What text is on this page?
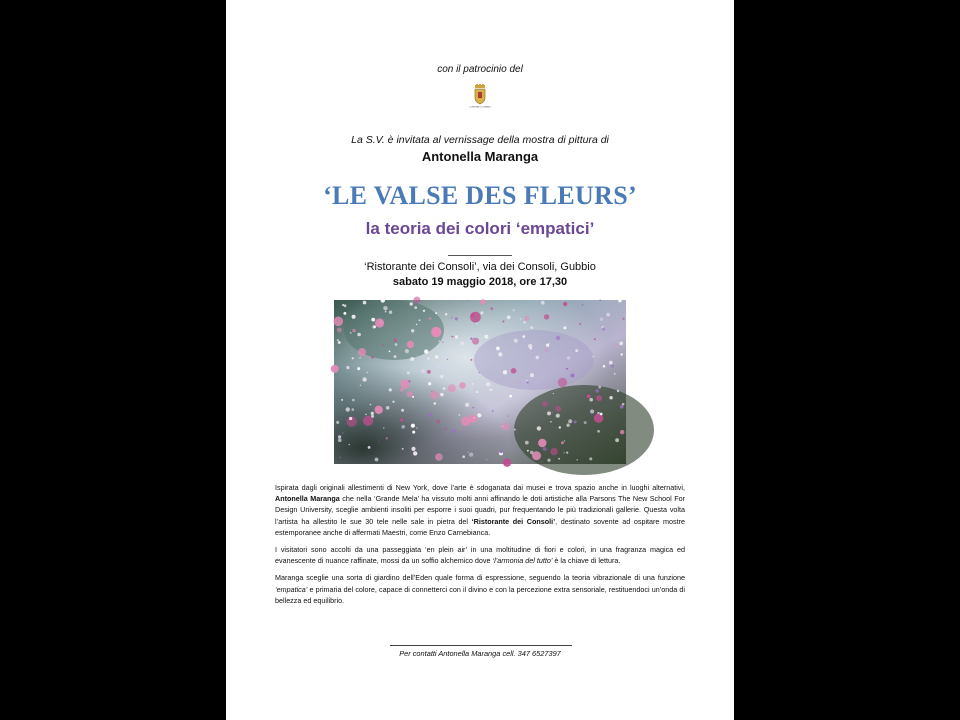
con il patrocinio del
COMUNE DI GUBBIO
La S.V. è invitata al vernissage della mostra di pittura di
Antonella Maranga
‘LE VALSE DES FLEURS’
la teoria dei colori ‘empatici’
‘Ristorante dei Consoli’, via dei Consoli, Gubbio
sabato 19 maggio 2018, ore 17,30

Ispirata dagli originali allestimenti di New York, dove l’arte è sdoganata dai musei e trova spazio anche in luoghi alternativi, Antonella Maranga che nella ‘Grande Mela’ ha vissuto molti anni affinando le doti artistiche alla Parsons The New School For Design University, sceglie ambienti insoliti per esporre i suoi quadri, pur frequentando le più tradizionali gallerie. Questa volta l’artista ha allestito le sue 30 tele nelle sale in pietra del ‘Ristorante dei Consoli’, destinato sovente ad ospitare mostre estemporanee anche di affermati Maestri, come Enzo Carnebianca.

I visitatori sono accolti da una passeggiata ‘en plein air’ in una moltitudine di fiori e colori, in una fragranza magica ed evanescente di nuance raffinate, mossi da un soffio alchemico dove ‘l’armonia del tutto’ è la chiave di lettura.

Maranga sceglie una sorta di giardino dell’Eden quale forma di espressione, seguendo la teoria vibrazionale di una funzione ‘empatica’ e primaria del colore, capace di connetterci con il divino e con la percezione extra sensoriale, restituendoci un’onda di bellezza ed equilibrio.

Per contatti Antonella Maranga cell. 347 6527397
